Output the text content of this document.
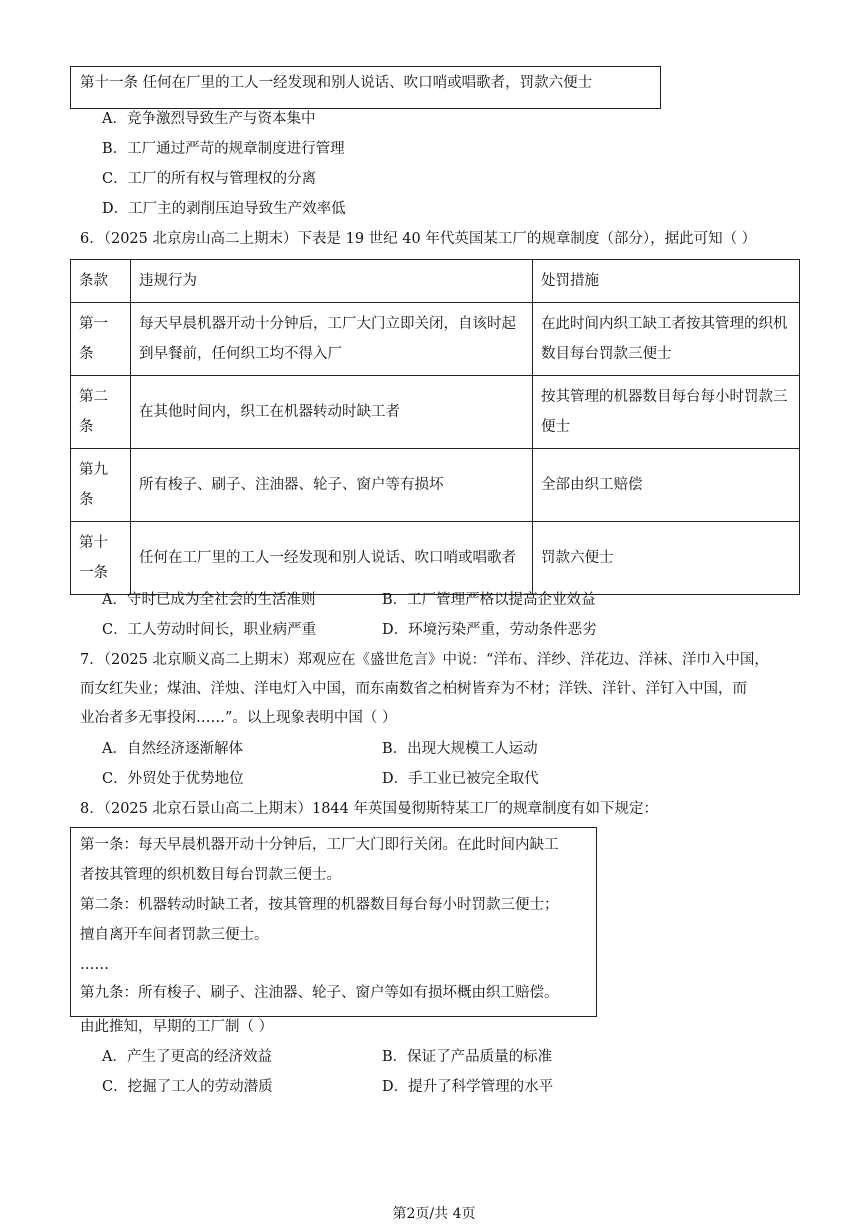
第十一条 任何在厂里的工人一经发现和别人说话、吹口哨或唱歌者，罚款六便士
A．竞争激烈导致生产与资本集中
B．工厂通过严苛的规章制度进行管理
C．工厂的所有权与管理权的分离
D．工厂主的剥削压迫导致生产效率低
6．（2025 北京房山高二上期末）下表是 19 世纪 40 年代英国某工厂的规章制度（部分），据此可知（ ）
条款	违规行为	处罚措施
第一条	每天早晨机器开动十分钟后，工厂大门立即关闭，自该时起到早餐前，任何织工均不得入厂	在此时间内织工缺工者按其管理的织机数目每台罚款三便士
第二条	在其他时间内，织工在机器转动时缺工者	按其管理的机器数目每台每小时罚款三便士
第九条	所有梭子、刷子、注油器、轮子、窗户等有损坏	全部由织工赔偿
第十一条	任何在工厂里的工人一经发现和别人说话、吹口哨或唱歌者	罚款六便士
A．守时已成为全社会的生活准则	B．工厂管理严格以提高企业效益
C．工人劳动时间长，职业病严重	D．环境污染严重，劳动条件恶劣
7．（2025 北京顺义高二上期末）郑观应在《盛世危言》中说：“洋布、洋纱、洋花边、洋袜、洋巾入中国，
而女红失业；煤油、洋烛、洋电灯入中国，而东南数省之柏树皆弃为不材；洋铁、洋针、洋钉入中国，而
业冶者多无事投闲……”。以上现象表明中国（ ）
A．自然经济逐渐解体	B．出现大规模工人运动
C．外贸处于优势地位	D．手工业已被完全取代
8．（2025 北京石景山高二上期末）1844 年英国曼彻斯特某工厂的规章制度有如下规定：
第一条：每天早晨机器开动十分钟后，工厂大门即行关闭。在此时间内缺工
者按其管理的织机数目每台罚款三便士。
第二条：机器转动时缺工者，按其管理的机器数目每台每小时罚款三便士；
擅自离开车间者罚款三便士。
……
第九条：所有梭子、刷子、注油器、轮子、窗户等如有损坏概由织工赔偿。
由此推知，早期的工厂制（ ）
A．产生了更高的经济效益	B．保证了产品质量的标准
C．挖掘了工人的劳动潜质	D．提升了科学管理的水平
第2页/共 4页
